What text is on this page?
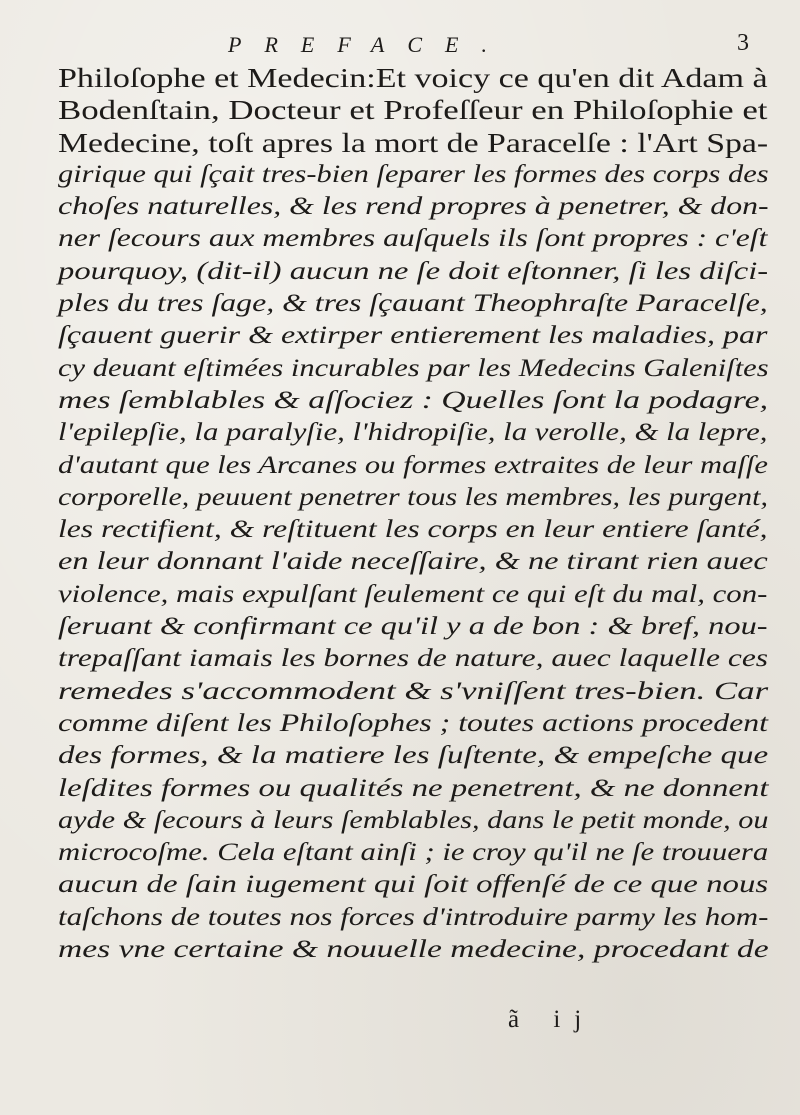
PREFACE.	3
Philoſophe et Medecin:Et voicy ce qu'en dit Adam à
Bodenſtain, Docteur et Profeſſeur en Philoſophie et
Medecine, toſt apres la mort de Paracelſe : l'Art Spa-
girique qui ſçait tres-bien ſeparer les formes des corps des
choſes naturelles, & les rend propres à penetrer, & don-
ner ſecours aux membres auſquels ils ſont propres : c'eſt
pourquoy, (dit-il) aucun ne ſe doit eſtonner, ſi les diſci-
ples du tres ſage, & tres ſçauant Theophraſte Paracelſe,
ſçauent guerir & extirper entierement les maladies, par
cy deuant eſtimées incurables par les Medecins Galeniſtes
mes ſemblables & aſſociez : Quelles ſont la podagre,
l'epilepſie, la paralyſie, l'hidropiſie, la verolle, & la lepre,
d'autant que les Arcanes ou formes extraites de leur maſſe
corporelle, peuuent penetrer tous les membres, les purgent,
les rectifient, & reſtituent les corps en leur entiere ſanté,
en leur donnant l'aide neceſſaire, & ne tirant rien auec
violence, mais expulſant ſeulement ce qui eſt du mal, con-
ſeruant & confirmant ce qu'il y a de bon : & bref, nou-
trepaſſant iamais les bornes de nature, auec laquelle ces
remedes s'accommodent & s'vniſſent tres-bien. Car
comme diſent les Philoſophes ; toutes actions procedent
des formes, & la matiere les ſuſtente, & empeſche que
leſdites formes ou qualités ne penetrent, & ne donnent
ayde & ſecours à leurs ſemblables, dans le petit monde, ou
microcoſme. Cela eſtant ainſi ; ie croy qu'il ne ſe trouuera
aucun de ſain iugement qui ſoit offenſé de ce que nous
taſchons de toutes nos forces d'introduire parmy les hom-
mes vne certaine & nouuelle medecine, procedant de
ã ij
